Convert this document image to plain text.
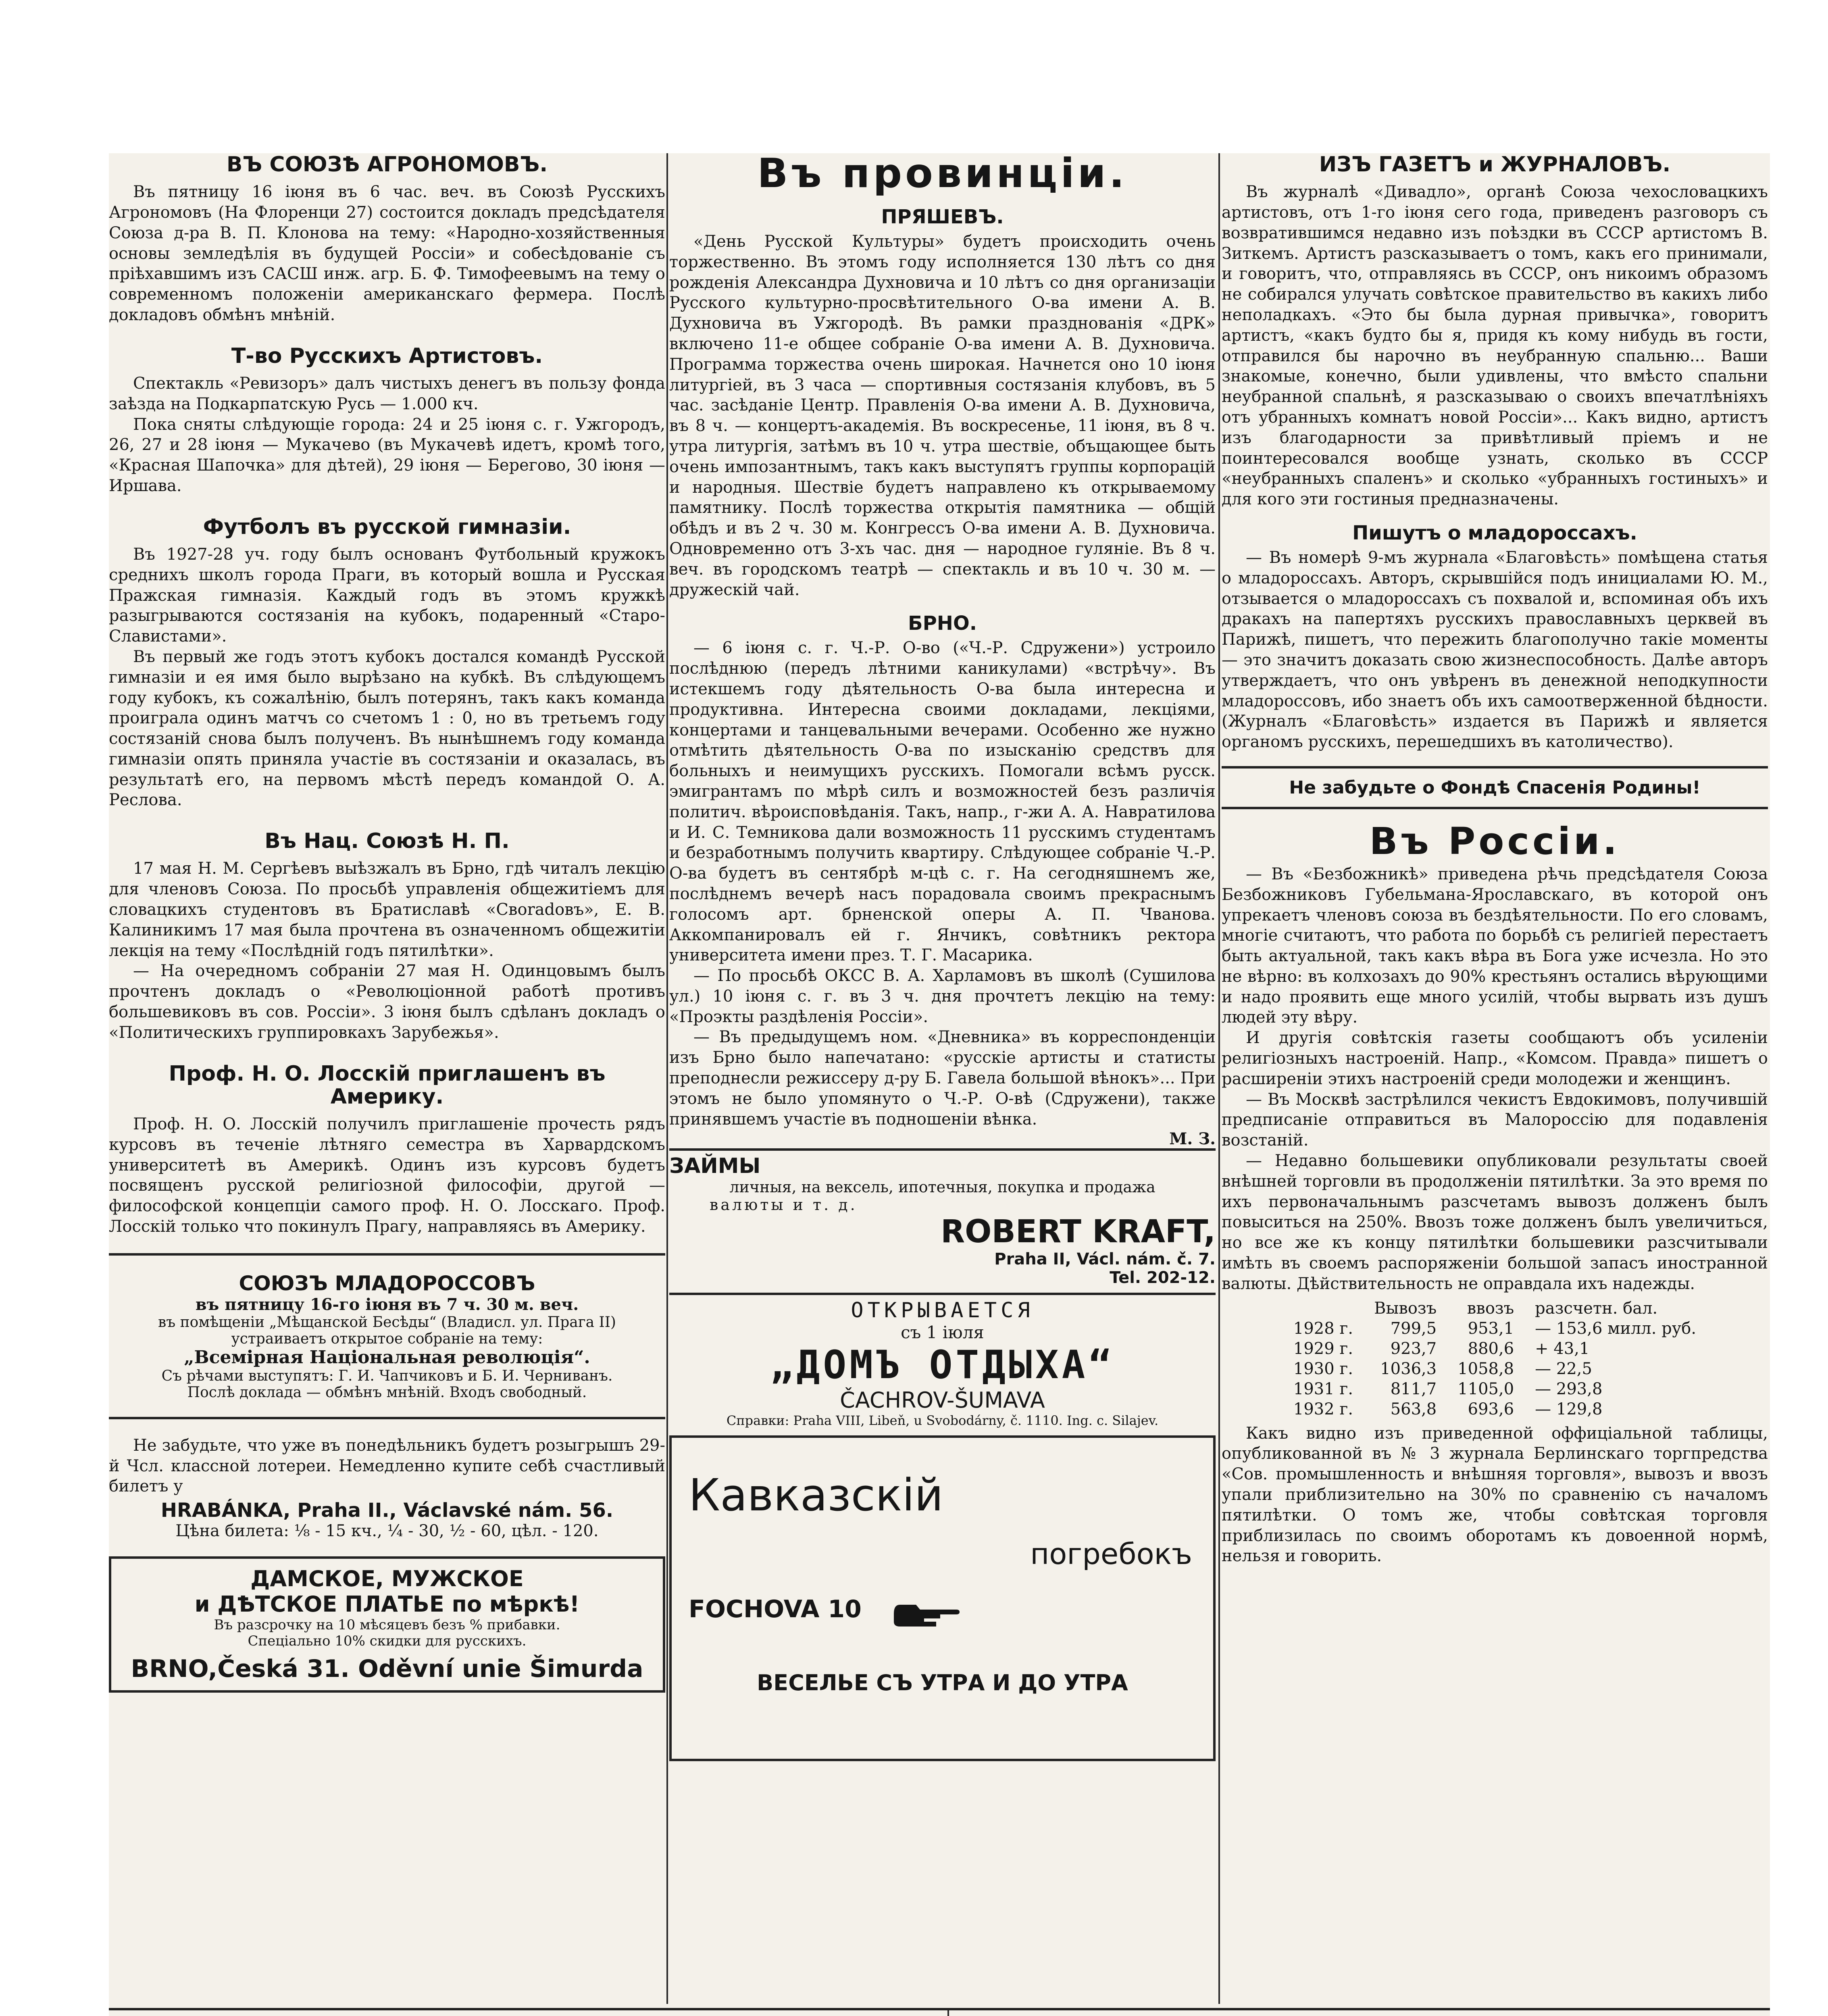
ВЪ СОЮЗѢ АГРОНОМОВЪ.

Въ пятницу 16 іюня въ 6 час. веч. въ Союзѣ Русскихъ Агрономовъ (На Флоренци 27) состоится докладъ предсѣдателя Союза д-ра В. П. Клонова на тему: «Народно-хозяйственныя основы земледѣлія въ будущей Россіи» и собесѣдованіе съ пріѣхавшимъ изъ САСШ инж. агр. Б. Ф. Тимофеевымъ на тему о современномъ положеніи американскаго фермера. Послѣ докладовъ обмѣнъ мнѣній.

Т-во Русскихъ Артистовъ.

Спектакль «Ревизоръ» далъ чистыхъ денегъ въ пользу фонда заѣзда на Подкарпатскую Русь — 1.000 кч.

Пока сняты слѣдующіе города: 24 и 25 іюня с. г. Ужгородъ, 26, 27 и 28 іюня — Мукачево (въ Мукачевѣ идетъ, кромѣ того, «Красная Шапочка» для дѣтей), 29 іюня — Берегово, 30 іюня — Иршава.

Футболъ въ русской гимназіи.

Въ 1927-28 уч. году былъ основанъ Футбольный кружокъ среднихъ школъ города Праги, въ который вошла и Русская Пражская гимназія. Каждый годъ въ этомъ кружкѣ разыгрываются состязанія на кубокъ, подаренный «Старо-Славистами».

Въ первый же годъ этотъ кубокъ достался командѣ Русской гимназіи и ея имя было вырѣзано на кубкѣ. Въ слѣдующемъ году кубокъ, къ сожалѣнію, былъ потерянъ, такъ какъ команда проиграла одинъ матчъ со счетомъ 1 : 0, но въ третьемъ году состязаній снова былъ полученъ. Въ нынѣшнемъ году команда гимназіи опять приняла участіе въ состязаніи и оказалась, въ результатѣ его, на первомъ мѣстѣ передъ командой О. А. Реслова.

Въ Нац. Союзѣ Н. П.

17 мая Н. М. Сергѣевъ выѣзжалъ въ Брно, гдѣ читалъ лекцію для членовъ Союза. По просьбѣ управленія общежитіемъ для словацкихъ студентовъ въ Братиславѣ «Своradовъ», Е. В. Калиникимъ 17 мая была прочтена въ означенномъ общежитіи лекція на тему «Послѣдній годъ пятилѣтки».

— На очередномъ собраніи 27 мая Н. Одинцовымъ былъ прочтенъ докладъ о «Революціонной работѣ противъ большевиковъ въ сов. Россіи». 3 іюня былъ сдѣланъ докладъ о «Политическихъ группировкахъ Зарубежья».

Проф. Н. О. Лосскій приглашенъ въ Америку.

Проф. Н. О. Лосскій получилъ приглашеніе прочесть рядъ курсовъ въ теченіе лѣтняго семестра въ Харвардскомъ университетѣ въ Америкѣ. Одинъ изъ курсовъ будетъ посвященъ русской религіозной философіи, другой — философской концепціи самого проф. Н. О. Лосскаго. Проф. Лосскій только что покинулъ Прагу, направляясь въ Америку.

СОЮЗЪ МЛАДОРОССОВЪ
въ пятницу 16-го іюня въ 7 ч. 30 м. веч.
въ помѣщеніи „Мѣщанской Бесѣды“ (Владисл. ул. Прага II)
устраиваетъ открытое собраніе на тему:
„Всемірная Національная революція“.
Съ рѣчами выступятъ: Г. И. Чапчиковъ и Б. И. Черниванъ.
Послѣ доклада — обмѣнъ мнѣній. Входъ свободный.

Не забудьте, что уже въ понедѣльникъ будетъ розыгрышъ 29-й Чсл. классной лотереи. Немедленно купите себѣ счастливый билетъ у

HRABÁNKA, Praha II., Václavské nám. 56.
Цѣна билета: ⅛ - 15 кч., ¼ - 30, ½ - 60, цѣл. - 120.
ДАМСКОЕ, МУЖСКОЕ
и ДѢТСКОЕ ПЛАТЬЕ по мѣркѣ!
Въ разсрочку на 10 мѣсяцевъ безъ % прибавки.
Спеціально 10% скидки для русскихъ.
BRNO,Česká 31. Oděvní unie Šimurda
Въ провинціи.
ПРЯШЕВЪ.

«День Русской Культуры» будетъ происходить очень торжественно. Въ этомъ году исполняется 130 лѣтъ со дня рожденія Александра Духновича и 10 лѣтъ со дня организаціи Русского культурно-просвѣтительного О-ва имени А. В. Духновича въ Ужгородѣ. Въ рамки празднованія «ДРК» включено 11-е общее собраніе О-ва имени А. В. Духновича. Программа торжества очень широкая. Начнется оно 10 іюня литургіей, въ 3 часа — спортивныя состязанія клубовъ, въ 5 час. засѣданіе Центр. Правленія О-ва имени А. В. Духновича, въ 8 ч. — концертъ-академія. Въ воскресенье, 11 іюня, въ 8 ч. утра литургія, затѣмъ въ 10 ч. утра шествіе, объщающее быть очень импозантнымъ, такъ какъ выступятъ группы корпорацій и народныя. Шествіе будетъ направлено къ открываемому памятнику. Послѣ торжества открытія памятника — общій обѣдъ и въ 2 ч. 30 м. Конгрессъ О-ва имени А. В. Духновича. Одновременно отъ 3-хъ час. дня — народное гуляніе. Въ 8 ч. веч. въ городскомъ театрѣ — спектакль и въ 10 ч. 30 м. — дружескій чай.

БРНО.

— 6 іюня с. г. Ч.-Р. О-во («Ч.-Р. Сдружени») устроило послѣднюю (передъ лѣтними каникулами) «встрѣчу». Въ истекшемъ году дѣятельность О-ва была интересна и продуктивна. Интересна своими докладами, лекціями, концертами и танцевальными вечерами. Особенно же нужно отмѣтить дѣятельность О-ва по изысканію средствъ для больныхъ и неимущихъ русскихъ. Помогали всѣмъ русск. эмигрантамъ по мѣрѣ силъ и возможностей безъ различія политич. вѣроисповѣданія. Такъ, напр., г-жи А. А. Навратилова и И. С. Темникова дали возможность 11 русскимъ студентамъ и безработнымъ получить квартиру. Слѣдующее собраніе Ч.-Р. О-ва будетъ въ сентябрѣ м-цѣ с. г. На сегодняшнемъ же, послѣднемъ вечерѣ насъ порадовала своимъ прекраснымъ голосомъ арт. брненской оперы А. П. Чванова. Аккомпанировалъ ей г. Янчикъ, совѣтникъ ректора университета имени през. Т. Г. Масарика.

— По просьбѣ ОКСС В. А. Харламовъ въ школѣ (Сушилова ул.) 10 іюня с. г. въ 3 ч. дня прочтетъ лекцію на тему: «Проэкты раздѣленія Россіи».

— Въ предыдущемъ ном. «Дневника» въ корреспонденціи изъ Брно было напечатано: «русскіе артисты и статисты преподнесли режиссеру д-ру Б. Гавела большой вѣнокъ»... При этомъ не было упомянуто о Ч.-Р. О-вѣ (Сдружени), также принявшемъ участіе въ подношеніи вѣнка.

М. З.
ЗАЙМЫ
личныя, на вексель, ипотечныя, покупка и продажа
валюты и т. д.
ROBERT KRAFT,
Praha II, Václ. nám. č. 7.
Tel. 202-12.
ОТКРЫВАЕТСЯ
съ 1 іюля
„ДОМЪ ОТДЫХА“
ČACHROV-ŠUMAVA
Справки: Praha VIII, Libeň, u Svobodárny, č. 1110. Ing. c. Silajev.
Кавказскій
погребокъ
FOCHOVA 10
ВЕСЕЛЬЕ СЪ УТРА И ДО УТРА
ИЗЪ ГАЗЕТЪ и ЖУРНАЛОВЪ.

Въ журналѣ «Дивадло», органѣ Союза чехословацкихъ артистовъ, отъ 1-го іюня сего года, приведенъ разговоръ съ возвратившимся недавно изъ поѣздки въ СССР артистомъ В. Зиткемъ. Артистъ разсказываетъ о томъ, какъ его принимали, и говоритъ, что, отправляясь въ СССР, онъ никоимъ образомъ не собирался улучать совѣтское правительство въ какихъ либо неполадкахъ. «Это бы была дурная привычка», говоритъ артистъ, «какъ будто бы я, придя къ кому нибудь въ гости, отправился бы нарочно въ неубранную спальню... Ваши знакомые, конечно, были удивлены, что вмѣсто спальни неубранной спальнѣ, я разсказываю о своихъ впечатлѣніяхъ отъ убранныхъ комнатъ новой Россіи»... Какъ видно, артистъ изъ благодарности за привѣтливый пріемъ и не поинтересовался вообще узнать, сколько въ СССР «неубранныхъ спаленъ» и сколько «убранныхъ гостиныхъ» и для кого эти гостиныя предназначены.

Пишутъ о младороссахъ.

— Въ номерѣ 9-мъ журнала «Благовѣсть» помѣщена статья о младороссахъ. Авторъ, скрывшійся подъ инициалами Ю. М., отзывается о младороссахъ съ похвалой и, вспоминая объ ихъ дракахъ на папертяхъ русскихъ православныхъ церквей въ Парижѣ, пишетъ, что пережить благополучно такіе моменты — это значитъ доказать свою жизнеспособность. Далѣе авторъ утверждаетъ, что онъ увѣренъ въ денежной неподкупности младороссовъ, ибо знаетъ объ ихъ самоотверженной бѣдности. (Журналъ «Благовѣсть» издается въ Парижѣ и является органомъ русскихъ, перешедшихъ въ католичество).

Не забудьте о Фондѣ Спасенія Родины!
Въ Россіи.

— Въ «Безбожникѣ» приведена рѣчь предсѣдателя Союза Безбожниковъ Губельмана-Ярославскаго, въ которой онъ упрекаетъ членовъ союза въ бездѣятельности. По его словамъ, многіе считаютъ, что работа по борьбѣ съ религіей перестаетъ быть актуальной, такъ какъ вѣра въ Бога уже исчезла. Но это не вѣрно: въ колхозахъ до 90% крестьянъ остались вѣрующими и надо проявить еще много усилій, чтобы вырвать изъ душъ людей эту вѣру.

И другія совѣтскія газеты сообщаютъ объ усиленіи религіозныхъ настроеній. Напр., «Комсом. Правда» пишетъ о расширеніи этихъ настроеній среди молодежи и женщинъ.

— Въ Москвѣ застрѣлился чекистъ Евдокимовъ, получившій предписаніе отправиться въ Малороссію для подавленія возстаній.

— Недавно большевики опубликовали результаты своей внѣшней торговли въ продолженіи пятилѣтки. За это время по ихъ первоначальнымъ разсчетамъ вывозъ долженъ былъ повыситься на 250%. Ввозъ тоже долженъ былъ увеличиться, но все же къ концу пятилѣтки большевики разсчитывали имѣть въ своемъ распоряженіи большой запасъ иностранной валюты. Дѣйствительность не оправдала ихъ надежды.

	Вывозъ	ввозъ	разсчетн. бал.
1928 г.	799,5	953,1	— 153,6 милл. руб.
1929 г.	923,7	880,6	+ 43,1
1930 г.	1036,3	1058,8	— 22,5
1931 г.	811,7	1105,0	— 293,8
1932 г.	563,8	693,6	— 129,8

Какъ видно изъ приведенной оффиціальной таблицы, опубликованной въ № 3 журнала Берлинскаго торгпредства «Сов. промышленность и внѣшняя торговля», вывозъ и ввозъ упали приблизительно на 30% по сравненію съ началомъ пятилѣтки. О томъ же, чтобы совѣтская торговля приблизилась по своимъ оборотамъ къ довоенной нормѣ, нельзя и говорить.
